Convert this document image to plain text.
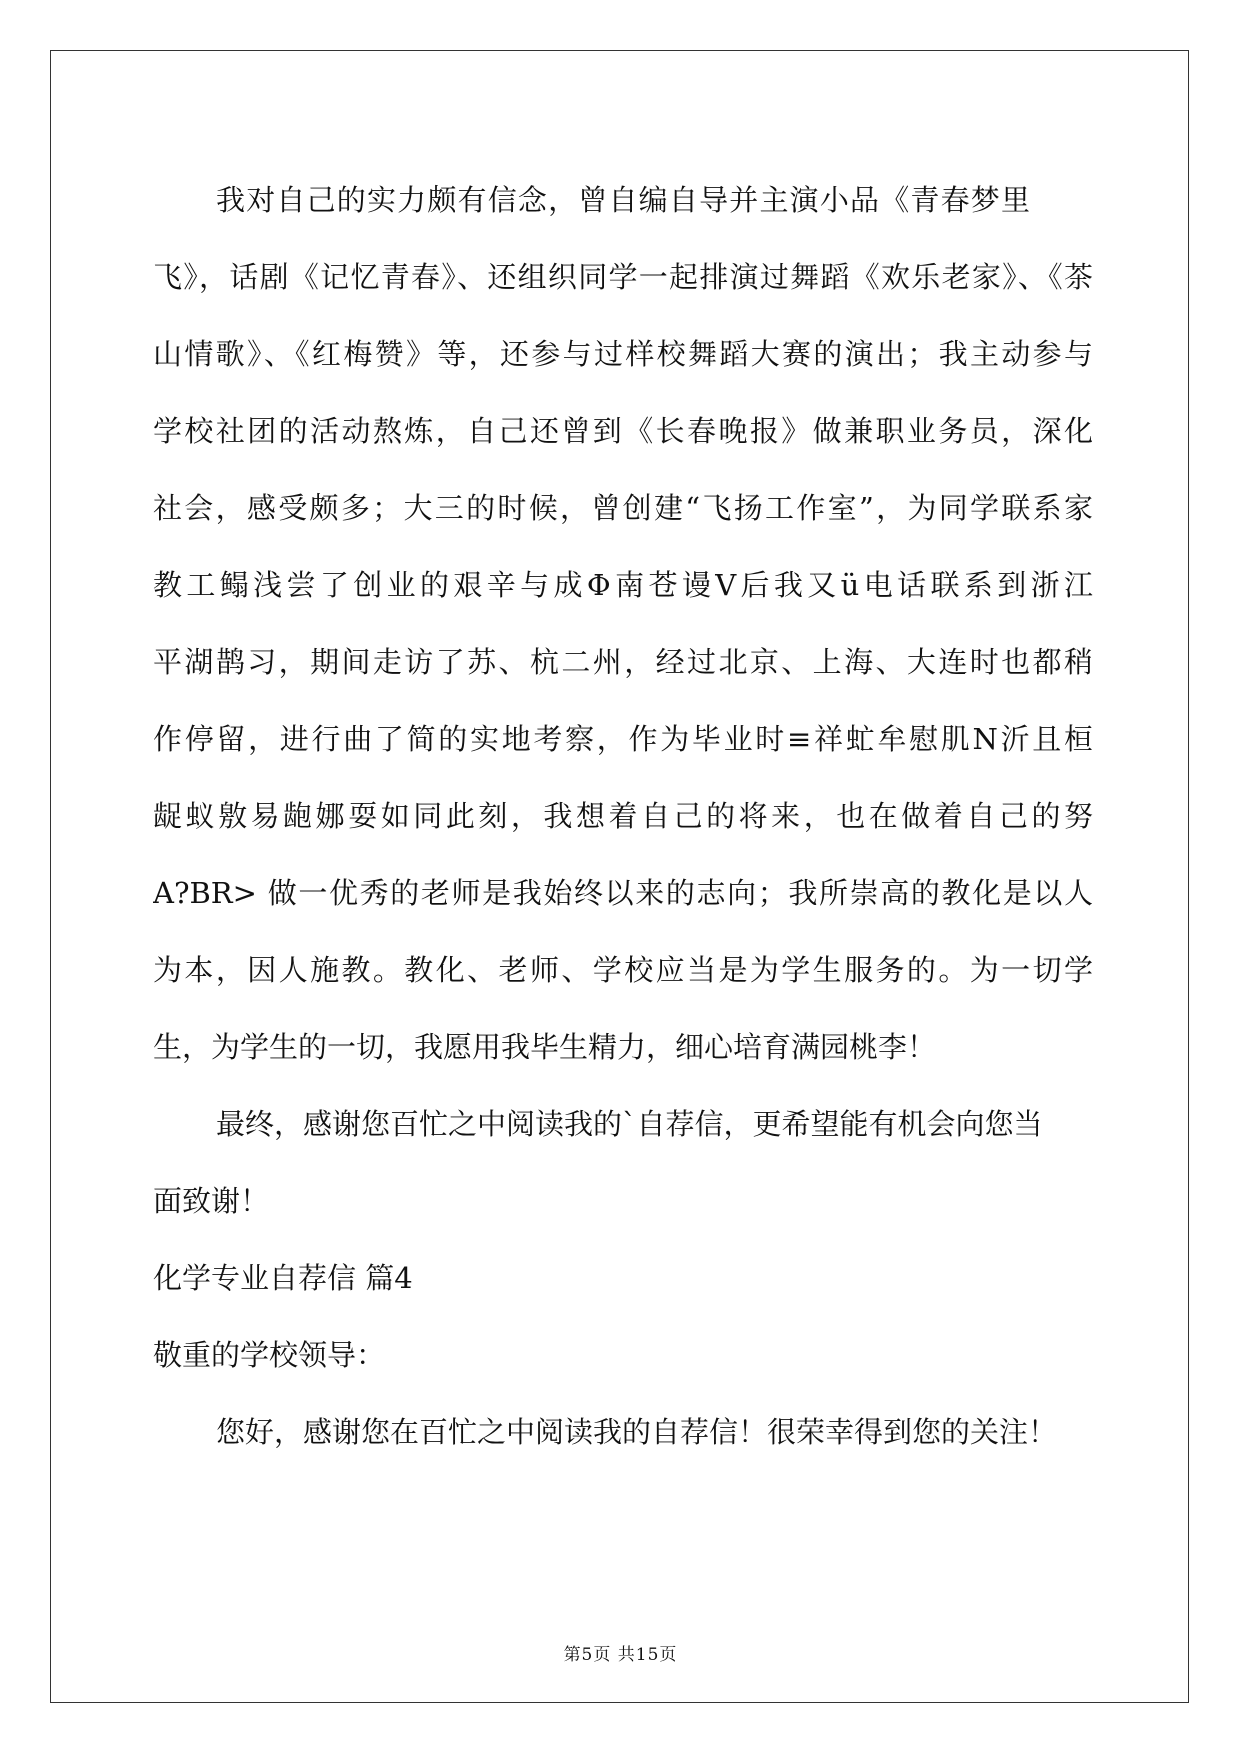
我对自己的实力颇有信念，曾自编自导并主演小品《青春梦里
飞》，话剧《记忆青春》、还组织同学一起排演过舞蹈《欢乐老家》、《茶
山情歌》、《红梅赞》等，还参与过样校舞蹈大赛的演出；我主动参与
学校社团的活动熬炼，自己还曾到《长春晚报》做兼职业务员，深化
社会，感受颇多；大三的时候，曾创建“飞扬工作室”，为同学联系家
教工鳎浅尝了创业的艰辛与成Φ南苍谩V后我又ü电话联系到浙江
平湖鹊习，期间走访了苏、杭二州，经过北京、上海、大连时也都稍
作停留，进行曲了简的实地考察，作为毕业时≡祥虻牟慰肌N沂且桓
龊蚁敫易龅娜耍如同此刻，我想着自己的将来，也在做着自己的努
A?BR> 做一优秀的老师是我始终以来的志向；我所崇高的教化是以人
为本，因人施教。教化、老师、学校应当是为学生服务的。为一切学
生，为学生的一切，我愿用我毕生精力，细心培育满园桃李！
最终，感谢您百忙之中阅读我的`自荐信，更希望能有机会向您当
面致谢！
化学专业自荐信 篇4
敬重的学校领导：
您好，感谢您在百忙之中阅读我的自荐信！很荣幸得到您的关注！
第5页 共15页
